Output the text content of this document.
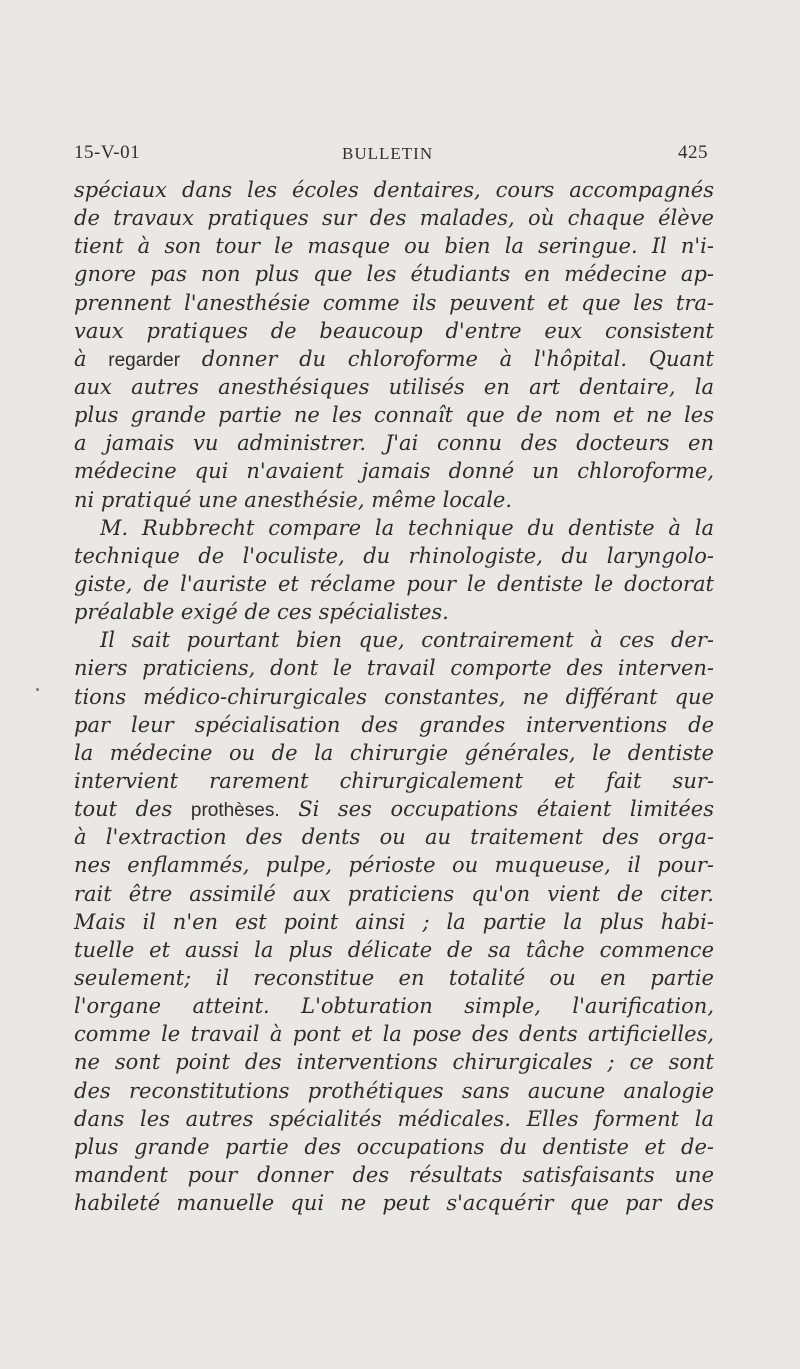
15-V-01	BULLETIN	425
spéciaux dans les écoles dentaires, cours accompagnés
de travaux pratiques sur des malades, où chaque élève
tient à son tour le masque ou bien la seringue. Il n'i-
gnore pas non plus que les étudiants en médecine ap-
prennent l'anesthésie comme ils peuvent et que les tra-
vaux pratiques de beaucoup d'entre eux consistent
à regarder donner du chloroforme à l'hôpital. Quant
aux autres anesthésiques utilisés en art dentaire, la
plus grande partie ne les connaît que de nom et ne les
a jamais vu administrer. J'ai connu des docteurs en
médecine qui n'avaient jamais donné un chloroforme,
ni pratiqué une anesthésie, même locale.
M. Rubbrecht compare la technique du dentiste à la
technique de l'oculiste, du rhinologiste, du laryngolo-
giste, de l'auriste et réclame pour le dentiste le doctorat
préalable exigé de ces spécialistes.
Il sait pourtant bien que, contrairement à ces der-
niers praticiens, dont le travail comporte des interven-
tions médico-chirurgicales constantes, ne différant que
par leur spécialisation des grandes interventions de
la médecine ou de la chirurgie générales, le dentiste
intervient rarement chirurgicalement et fait sur-
tout des prothèses. Si ses occupations étaient limitées
à l'extraction des dents ou au traitement des orga-
nes enflammés, pulpe, périoste ou muqueuse, il pour-
rait être assimilé aux praticiens qu'on vient de citer.
Mais il n'en est point ainsi ; la partie la plus habi-
tuelle et aussi la plus délicate de sa tâche commence
seulement; il reconstitue en totalité ou en partie
l'organe atteint. L'obturation simple, l'aurification,
comme le travail à pont et la pose des dents artificielles,
ne sont point des interventions chirurgicales ; ce sont
des reconstitutions prothétiques sans aucune analogie
dans les autres spécialités médicales. Elles forment la
plus grande partie des occupations du dentiste et de-
mandent pour donner des résultats satisfaisants une
habileté manuelle qui ne peut s'acquérir que par des
